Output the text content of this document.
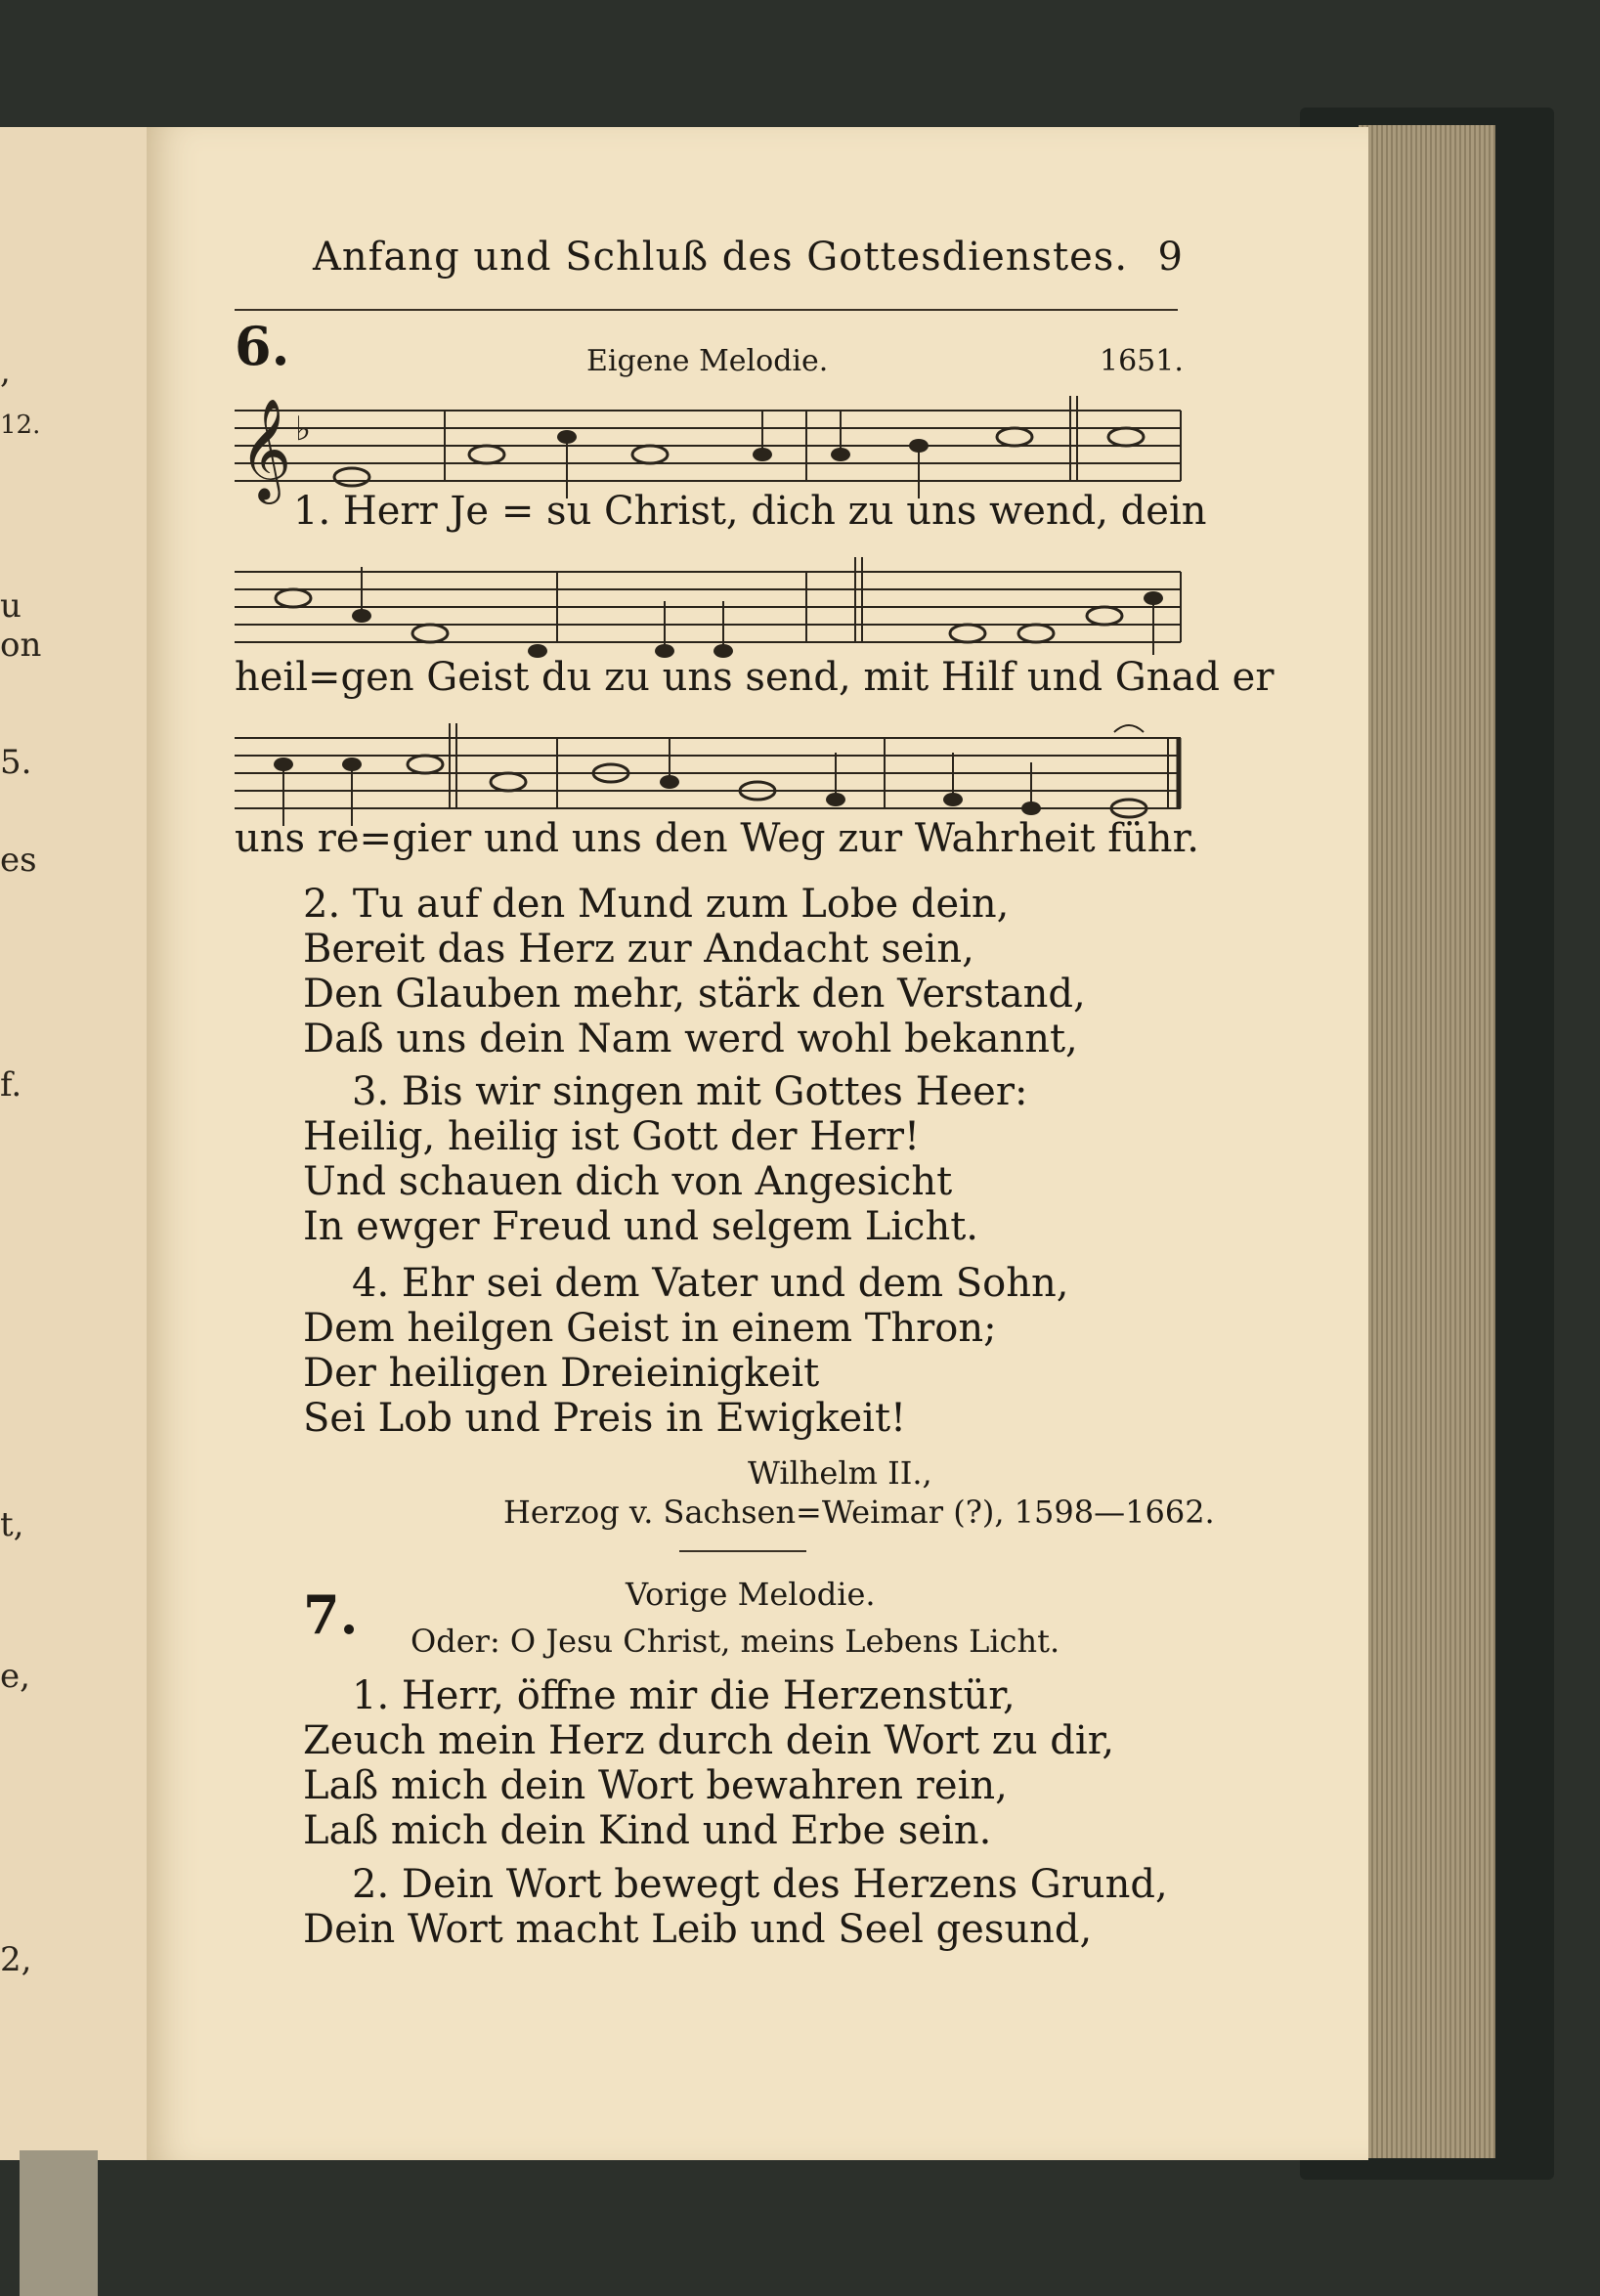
,
12.
u
on
5.
es
f.
t,
e,
2,
Anfang und Schluß des Gottesdienstes. 9
6.	Eigene Melodie.	1651.
𝄞 ♭
1. Herr Je = su Christ, dich zu uns wend, dein
heil=gen Geist du zu uns send, mit Hilf und Gnad er
uns re=gier und uns den Weg zur Wahrheit führ.
2. Tu auf den Mund zum Lobe dein,
Bereit das Herz zur Andacht sein,
Den Glauben mehr, stärk den Verstand,
Daß uns dein Nam werd wohl bekannt,
3. Bis wir singen mit Gottes Heer:
Heilig, heilig ist Gott der Herr!
Und schauen dich von Angesicht
In ewger Freud und selgem Licht.
4. Ehr sei dem Vater und dem Sohn,
Dem heilgen Geist in einem Thron;
Der heiligen Dreieinigkeit
Sei Lob und Preis in Ewigkeit!
Wilhelm II.,
Herzog v. Sachsen=Weimar (?), 1598—1662.
7.	Vorige Melodie.
Oder: O Jesu Christ, meins Lebens Licht.
1. Herr, öffne mir die Herzenstür,
Zeuch mein Herz durch dein Wort zu dir,
Laß mich dein Wort bewahren rein,
Laß mich dein Kind und Erbe sein.
2. Dein Wort bewegt des Herzens Grund,
Dein Wort macht Leib und Seel gesund,
